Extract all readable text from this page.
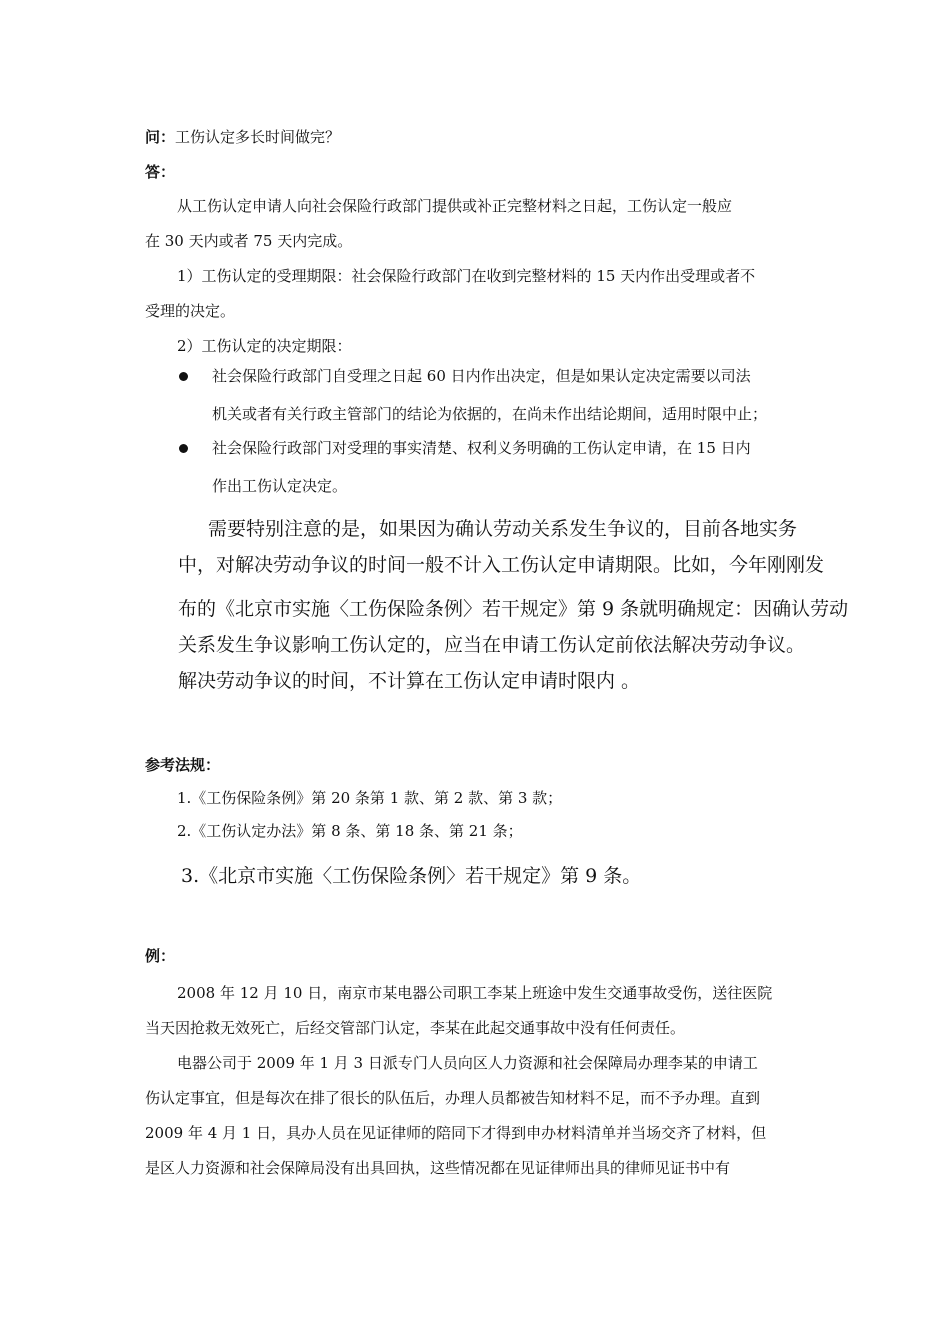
问：工伤认定多长时间做完？
答：
从工伤认定申请人向社会保险行政部门提供或补正完整材料之日起，工伤认定一般应
在 30 天内或者 75 天内完成。
1）工伤认定的受理期限：社会保险行政部门在收到完整材料的 15 天内作出受理或者不
受理的决定。
2）工伤认定的决定期限：
社会保险行政部门自受理之日起 60 日内作出决定，但是如果认定决定需要以司法
机关或者有关行政主管部门的结论为依据的，在尚未作出结论期间，适用时限中止；
社会保险行政部门对受理的事实清楚、权利义务明确的工伤认定申请，在 15 日内
作出工伤认定决定。
需要特别注意的是，如果因为确认劳动关系发生争议的，目前各地实务
中，对解决劳动争议的时间一般不计入工伤认定申请期限。比如，今年刚刚发
布的《北京市实施〈工伤保险条例〉若干规定》第 9 条就明确规定：因确认劳动
关系发生争议影响工伤认定的，应当在申请工伤认定前依法解决劳动争议。
解决劳动争议的时间，不计算在工伤认定申请时限内 。
参考法规：
1.《工伤保险条例》第 20 条第 1 款、第 2 款、第 3 款；
2.《工伤认定办法》第 8 条、第 18 条、第 21 条；
3.《北京市实施〈工伤保险条例〉若干规定》第 9 条。
例：
2008 年 12 月 10 日，南京市某电器公司职工李某上班途中发生交通事故受伤，送往医院
当天因抢救无效死亡，后经交管部门认定，李某在此起交通事故中没有任何责任。
电器公司于 2009 年 1 月 3 日派专门人员向区人力资源和社会保障局办理李某的申请工
伤认定事宜，但是每次在排了很长的队伍后，办理人员都被告知材料不足，而不予办理。直到
2009 年 4 月 1 日，具办人员在见证律师的陪同下才得到申办材料清单并当场交齐了材料，但
是区人力资源和社会保障局没有出具回执，这些情况都在见证律师出具的律师见证书中有
